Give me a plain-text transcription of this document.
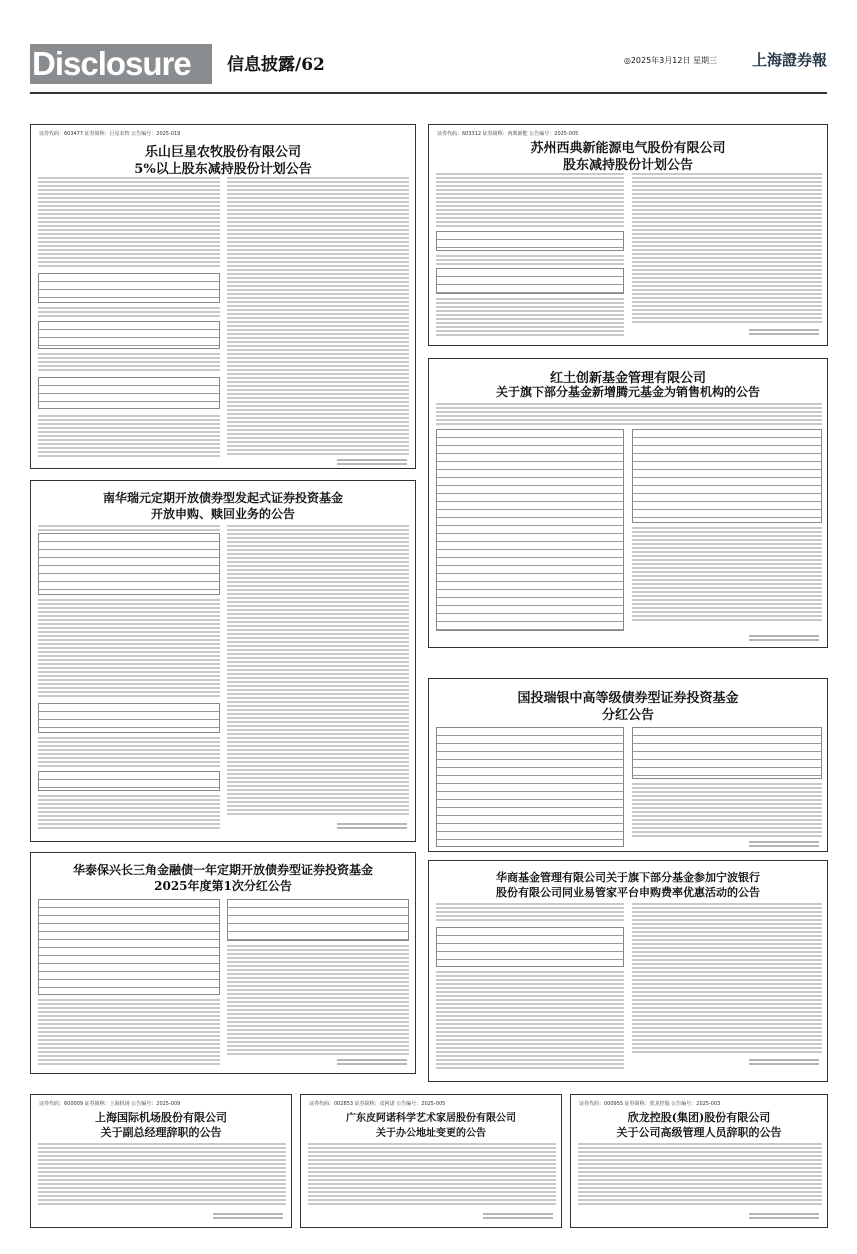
Disclosure	信息披露/62	◎2025年3月12日 星期三 上海證券報
证券代码：603477 证券简称：巨星农牧 公告编号：2025-019
乐山巨星农牧股份有限公司
5%以上股东减持股份计划公告
证券代码：603312 证券简称：西典新能 公告编号：2025-005
苏州西典新能源电气股份有限公司
股东减持股份计划公告
红土创新基金管理有限公司
关于旗下部分基金新增腾元基金为销售机构的公告
南华瑞元定期开放债券型发起式证券投资基金
开放申购、赎回业务的公告
国投瑞银中高等级债券型证券投资基金
分红公告
华泰保兴长三角金融债一年定期开放债券型证券投资基金
2025年度第1次分红公告
华商基金管理有限公司关于旗下部分基金参加宁波银行
股份有限公司同业易管家平台申购费率优惠活动的公告
证券代码：600009 证券简称：上海机场 公告编号：2025-009
上海国际机场股份有限公司
关于副总经理辞职的公告
证券代码：002853 证券简称：皮阿诺 公告编号：2025-005
广东皮阿诺科学艺术家居股份有限公司
关于办公地址变更的公告
证券代码：000955 证券简称：欣龙控股 公告编号：2025-003
欣龙控股(集团)股份有限公司
关于公司高级管理人员辞职的公告
